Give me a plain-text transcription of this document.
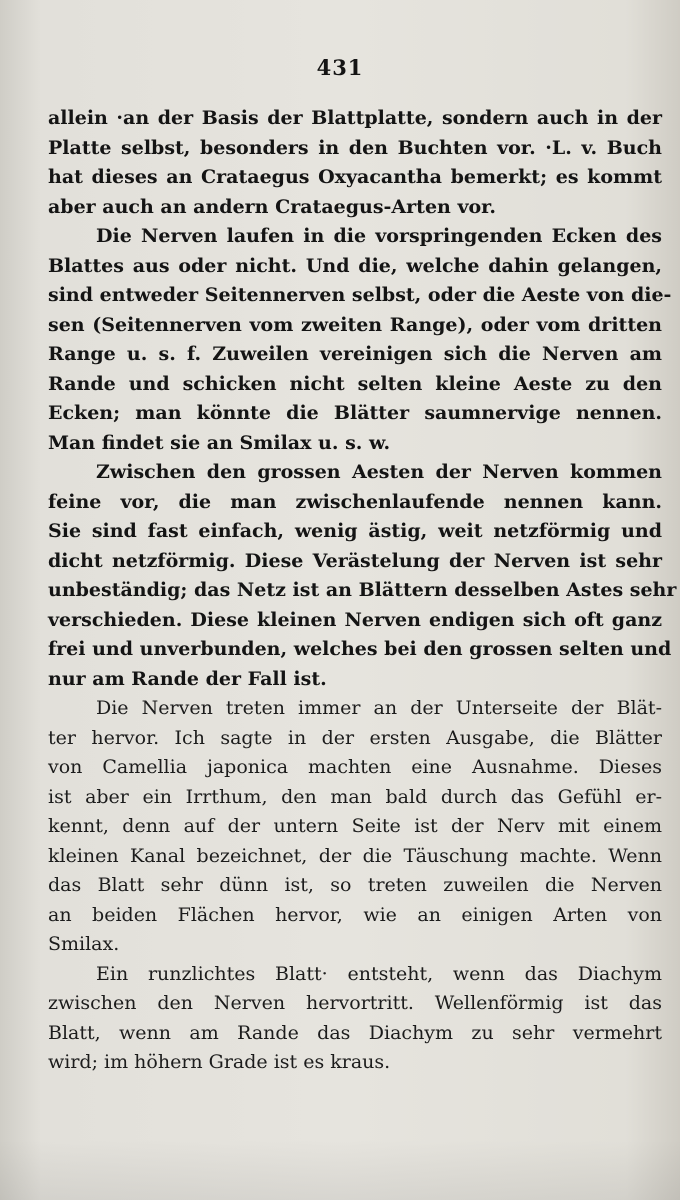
431
allein ·an der Basis der Blattplatte, sondern auch in der
Platte selbst, besonders in den Buchten vor. ·L. v. Buch
hat dieses an Crataegus Oxyacantha bemerkt; es kommt
aber auch an andern Crataegus-Arten vor.
Die Nerven laufen in die vorspringenden Ecken des
Blattes aus oder nicht. Und die, welche dahin gelangen,
sind entweder Seitennerven selbst, oder die Aeste von die-
sen (Seitennerven vom zweiten Range), oder vom dritten
Range u. s. f. Zuweilen vereinigen sich die Nerven am
Rande und schicken nicht selten kleine Aeste zu den
Ecken; man könnte die Blätter saumnervige nennen.
Man findet sie an Smilax u. s. w.
Zwischen den grossen Aesten der Nerven kommen
feine vor, die man zwischenlaufende nennen kann.
Sie sind fast einfach, wenig ästig, weit netzförmig und
dicht netzförmig. Diese Verästelung der Nerven ist sehr
unbeständig; das Netz ist an Blättern desselben Astes sehr
verschieden. Diese kleinen Nerven endigen sich oft ganz
frei und unverbunden, welches bei den grossen selten und
nur am Rande der Fall ist.
Die Nerven treten immer an der Unterseite der Blät-
ter hervor. Ich sagte in der ersten Ausgabe, die Blätter
von Camellia japonica machten eine Ausnahme. Dieses
ist aber ein Irrthum, den man bald durch das Gefühl er-
kennt, denn auf der untern Seite ist der Nerv mit einem
kleinen Kanal bezeichnet, der die Täuschung machte. Wenn
das Blatt sehr dünn ist, so treten zuweilen die Nerven
an beiden Flächen hervor, wie an einigen Arten von
Smilax.
Ein runzlichtes Blatt· entsteht, wenn das Diachym
zwischen den Nerven hervortritt. Wellenförmig ist das
Blatt, wenn am Rande das Diachym zu sehr vermehrt
wird; im höhern Grade ist es kraus.
